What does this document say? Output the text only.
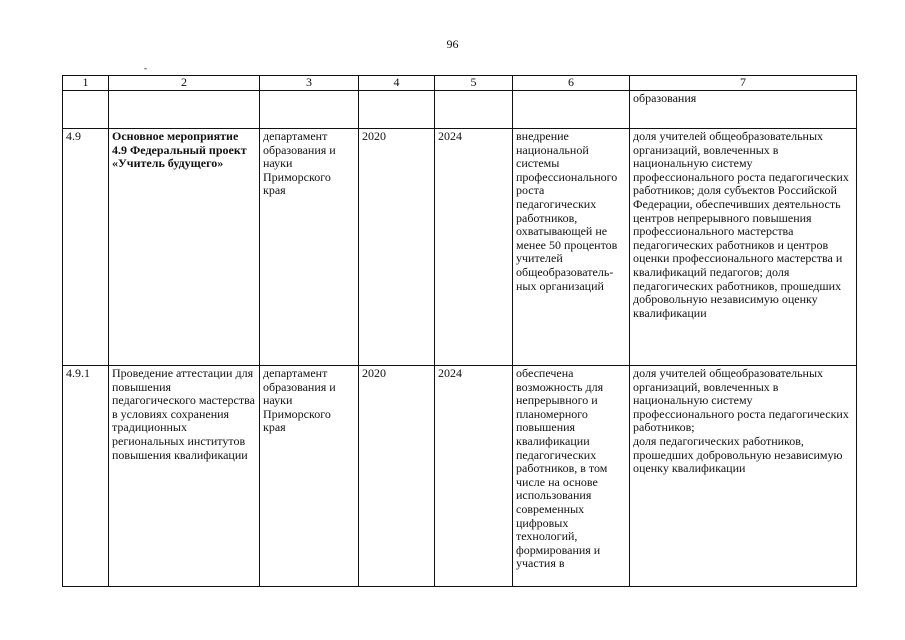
96
-
1	2	3	4	5	6	7
						образования
4.9	Основное мероприятие 4.9 Федеральный проект «Учитель будущего»	департамент образования и науки Приморского края	2020	2024	внедрение национальной системы профессионального роста педагогических работников, охватывающей не менее 50 процентов учителей общеобразовательных организаций	доля учителей общеобразовательных организаций, вовлеченных в национальную систему профессионального роста педагогических работников; доля субъектов Российской Федерации, обеспечивших деятельность центров непрерывного повышения профессионального мастерства педагогических работников и центров оценки профессионального мастерства и квалификаций педагогов; доля педагогических работников, прошедших добровольную независимую оценку квалификации
4.9.1	Проведение аттестации для повышения педагогического мастерства в условиях сохранения традиционных региональных институтов повышения квалификации	департамент образования и науки Приморского края	2020	2024	обеспечена возможность для непрерывного и планомерного повышения квалификации педагогических работников, в том числе на основе использования современных цифровых технологий, формирования и участия в	доля учителей общеобразовательных организаций, вовлеченных в национальную систему профессионального роста педагогических работников;
доля педагогических работников, прошедших добровольную независимую оценку квалификации
